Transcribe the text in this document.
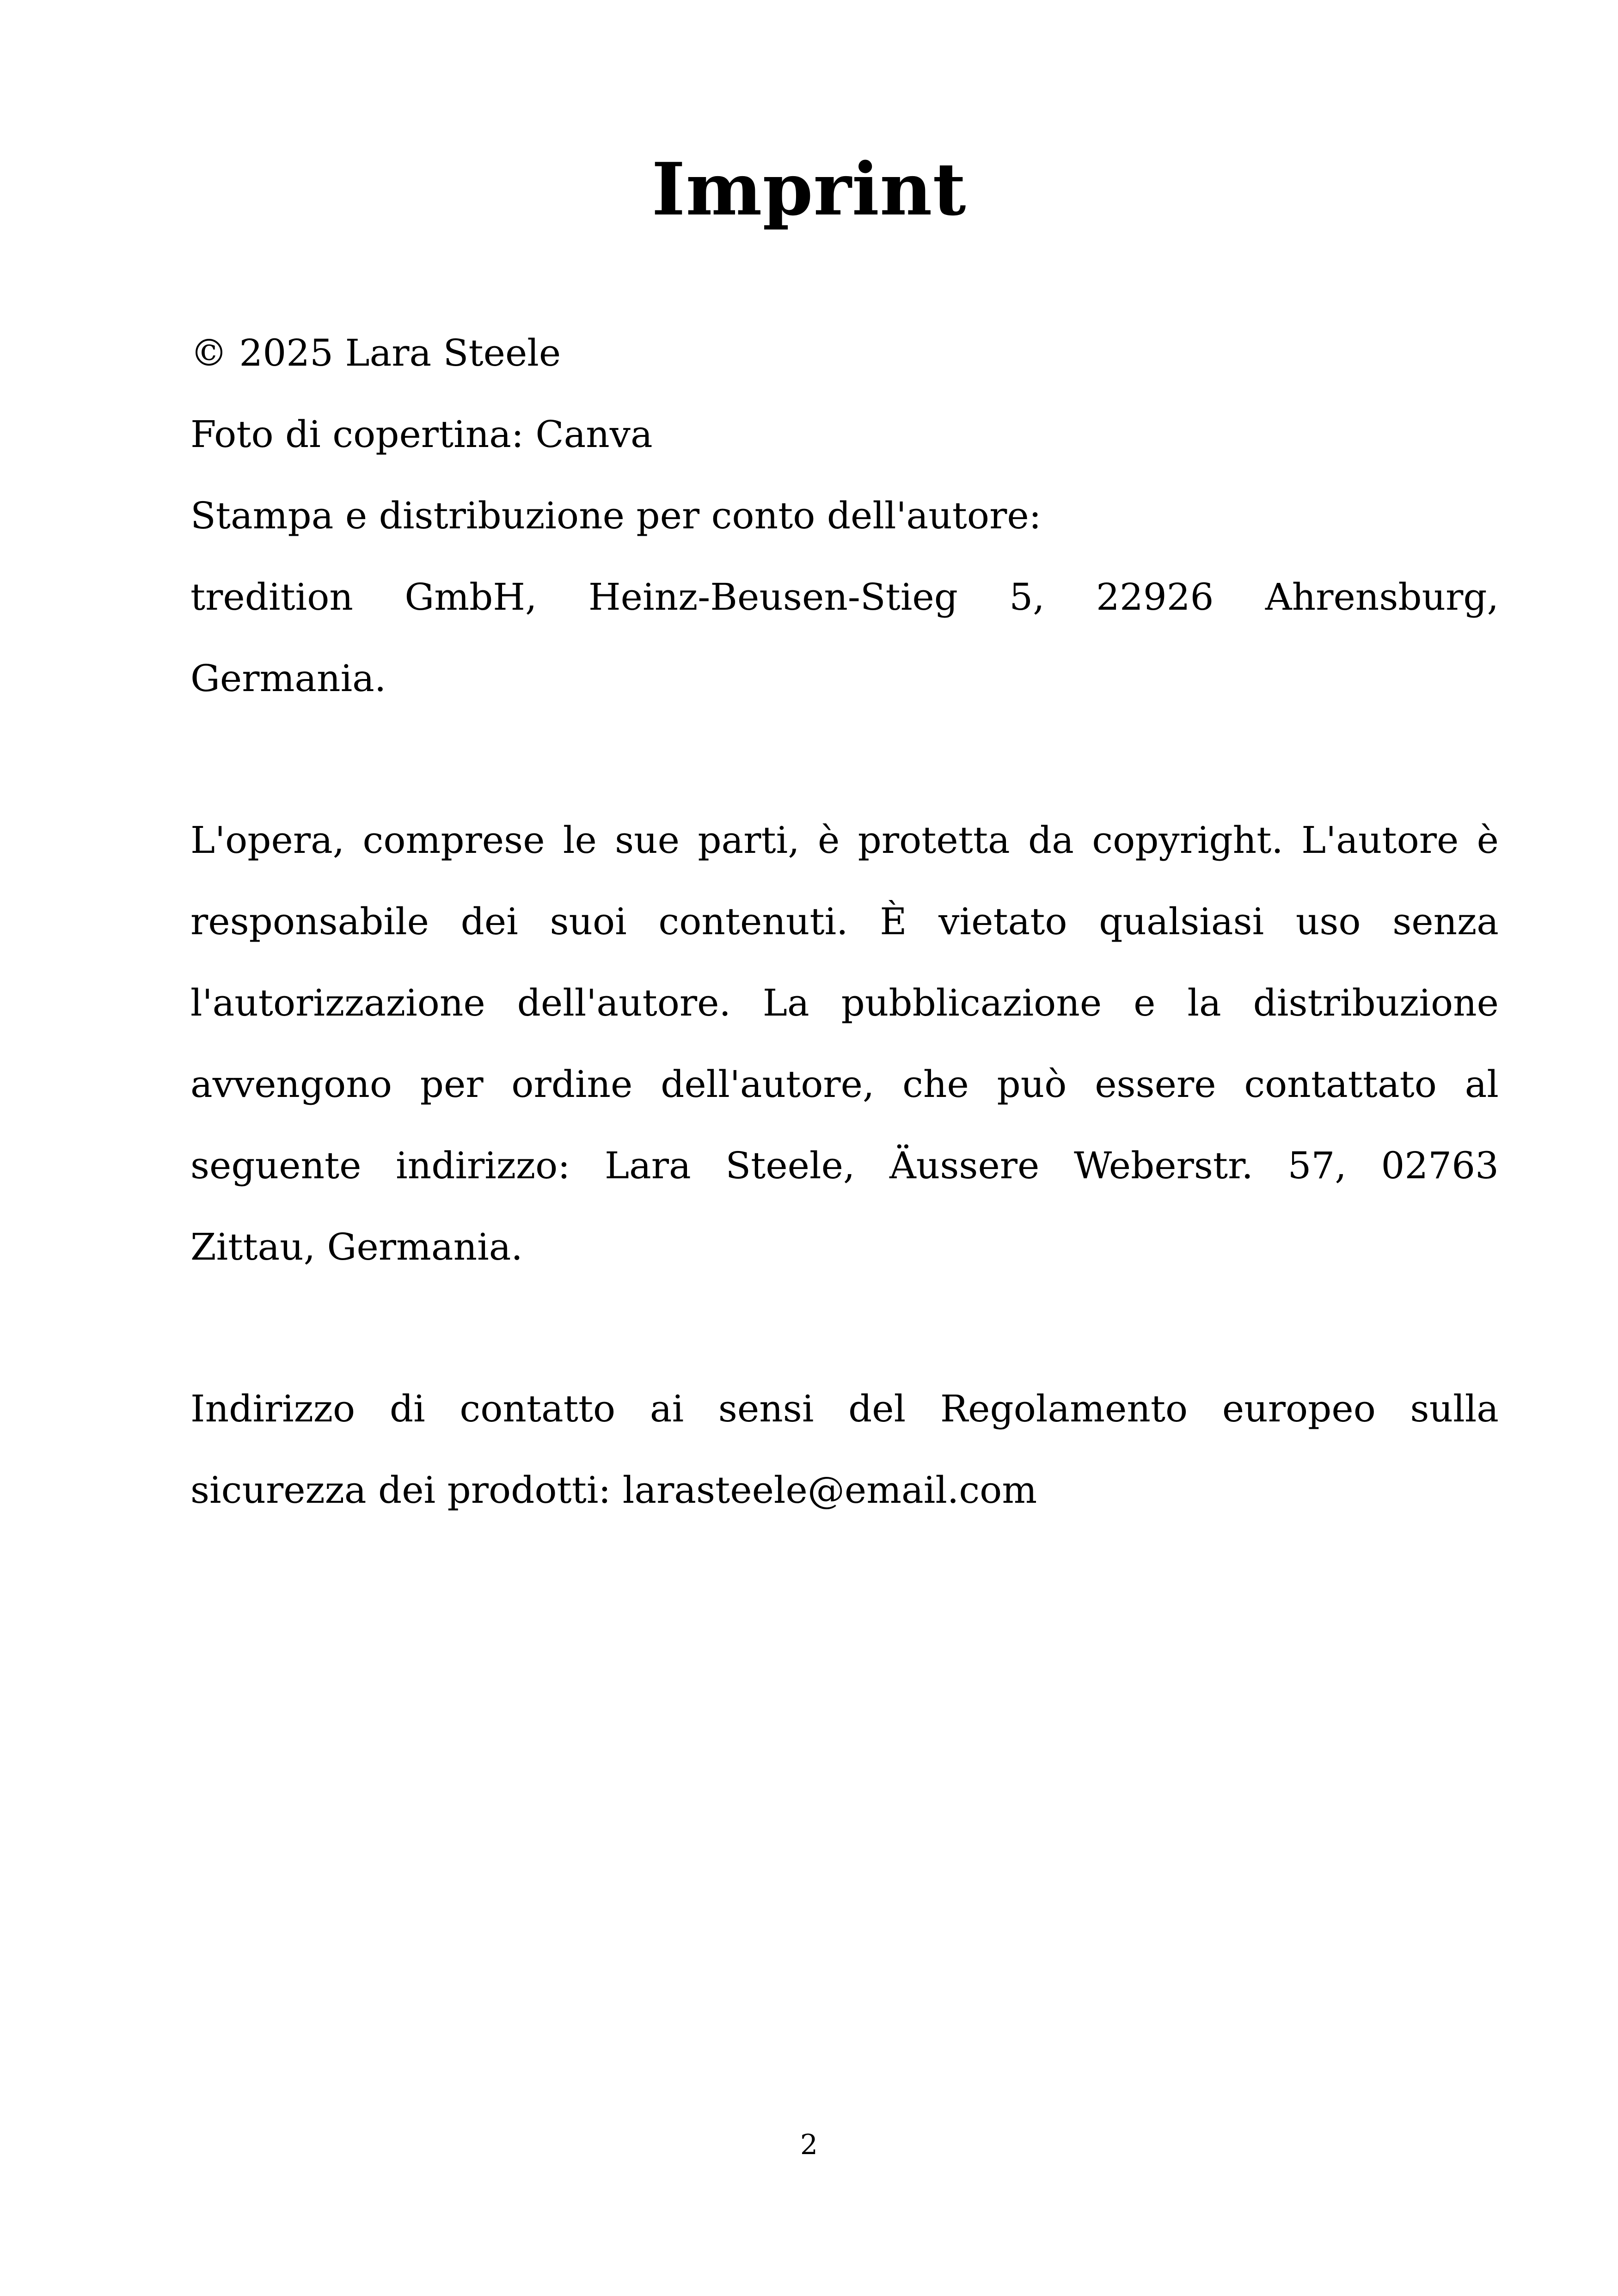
Imprint
© 2025 Lara Steele
Foto di copertina: Canva
Stampa e distribuzione per conto dell'autore:
tredition GmbH, Heinz-Beusen-Stieg 5, 22926 Ahrensburg,
Germania.
L'opera, comprese le sue parti, è protetta da copyright. L'autore è
responsabile dei suoi contenuti. È vietato qualsiasi uso senza
l'autorizzazione dell'autore. La pubblicazione e la distribuzione
avvengono per ordine dell'autore, che può essere contattato al
seguente indirizzo: Lara Steele, Äussere Weberstr. 57, 02763
Zittau, Germania.
Indirizzo di contatto ai sensi del Regolamento europeo sulla
sicurezza dei prodotti: larasteele@email.com
2
